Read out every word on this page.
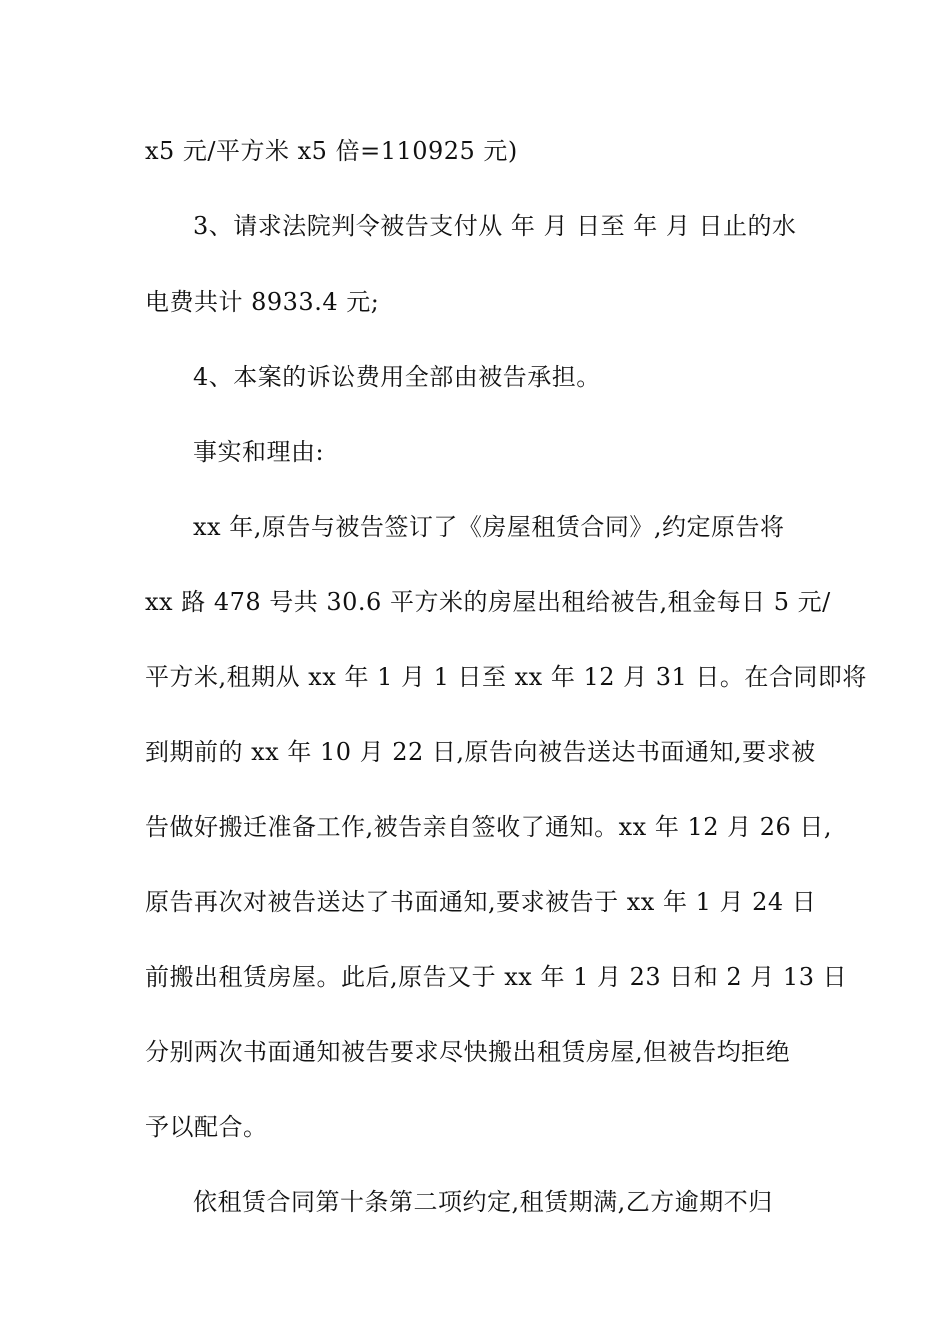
x5 元/平方米 x5 倍=110925 元)
3、请求法院判令被告支付从 年 月 日至 年 月 日止的水
电费共计 8933.4 元;
4、本案的诉讼费用全部由被告承担。
事实和理由:
xx 年,原告与被告签订了《房屋租赁合同》,约定原告将
xx 路 478 号共 30.6 平方米的房屋出租给被告,租金每日 5 元/
平方米,租期从 xx 年 1 月 1 日至 xx 年 12 月 31 日。在合同即将
到期前的 xx 年 10 月 22 日,原告向被告送达书面通知,要求被
告做好搬迁准备工作,被告亲自签收了通知。xx 年 12 月 26 日,
原告再次对被告送达了书面通知,要求被告于 xx 年 1 月 24 日
前搬出租赁房屋。此后,原告又于 xx 年 1 月 23 日和 2 月 13 日
分别两次书面通知被告要求尽快搬出租赁房屋,但被告均拒绝
予以配合。
依租赁合同第十条第二项约定,租赁期满,乙方逾期不归
